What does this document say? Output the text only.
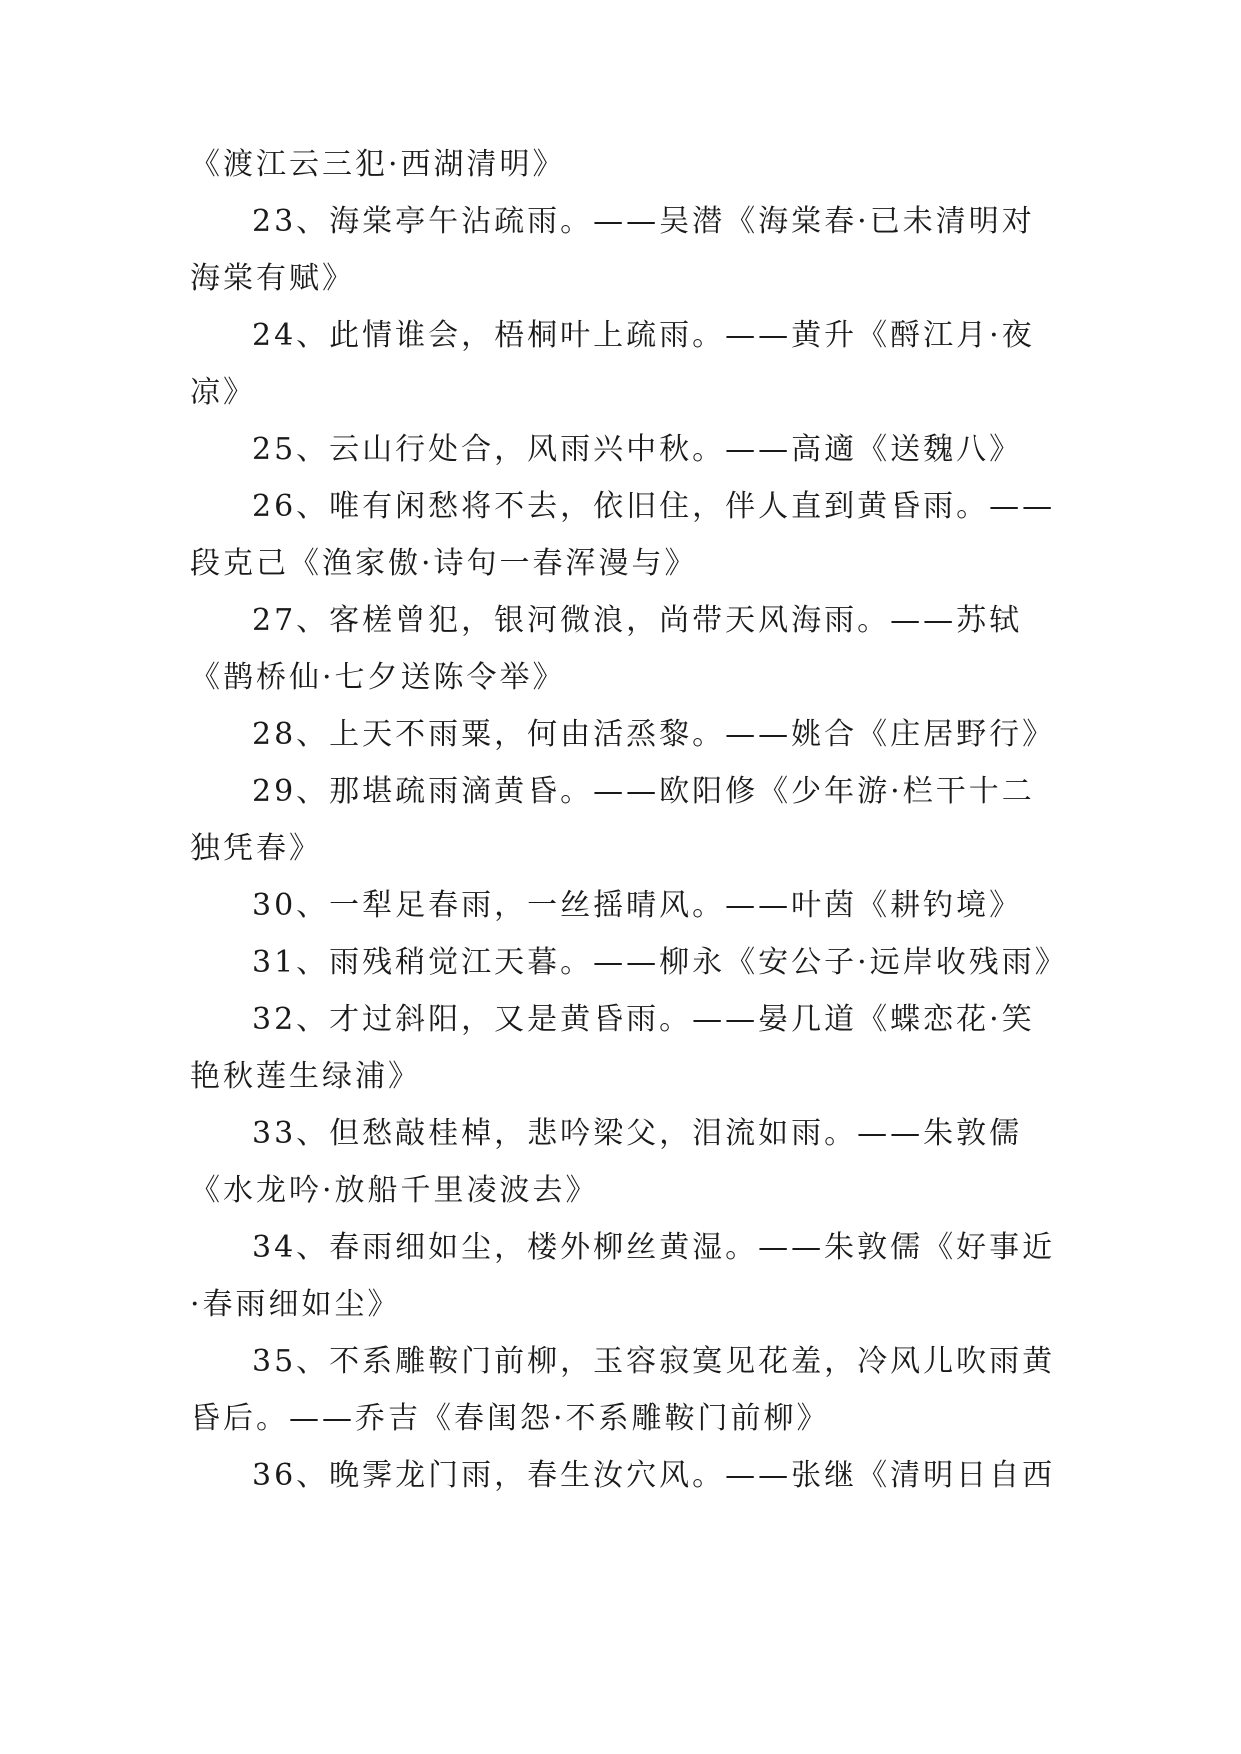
《渡江云三犯·西湖清明》

23、海棠亭午沾疏雨。——吴潜《海棠春·已未清明对海棠有赋》

24、此情谁会，梧桐叶上疏雨。——黄升《酹江月·夜凉》

25、云山行处合，风雨兴中秋。——高適《送魏八》

26、唯有闲愁将不去，依旧住，伴人直到黄昏雨。——段克己《渔家傲·诗句一春浑漫与》

27、客槎曾犯，银河微浪，尚带天风海雨。——苏轼《鹊桥仙·七夕送陈令举》

28、上天不雨粟，何由活烝黎。——姚合《庄居野行》

29、那堪疏雨滴黄昏。——欧阳修《少年游·栏干十二独凭春》

30、一犁足春雨，一丝摇晴风。——叶茵《耕钓境》

31、雨残稍觉江天暮。——柳永《安公子·远岸收残雨》

32、才过斜阳，又是黄昏雨。——晏几道《蝶恋花·笑艳秋莲生绿浦》

33、但愁敲桂棹，悲吟梁父，泪流如雨。——朱敦儒《水龙吟·放船千里凌波去》

34、春雨细如尘，楼外柳丝黄湿。——朱敦儒《好事近·春雨细如尘》

35、不系雕鞍门前柳，玉容寂寞见花羞，冷风儿吹雨黄昏后。——乔吉《春闺怨·不系雕鞍门前柳》

36、晚霁龙门雨，春生汝穴风。——张继《清明日自西
